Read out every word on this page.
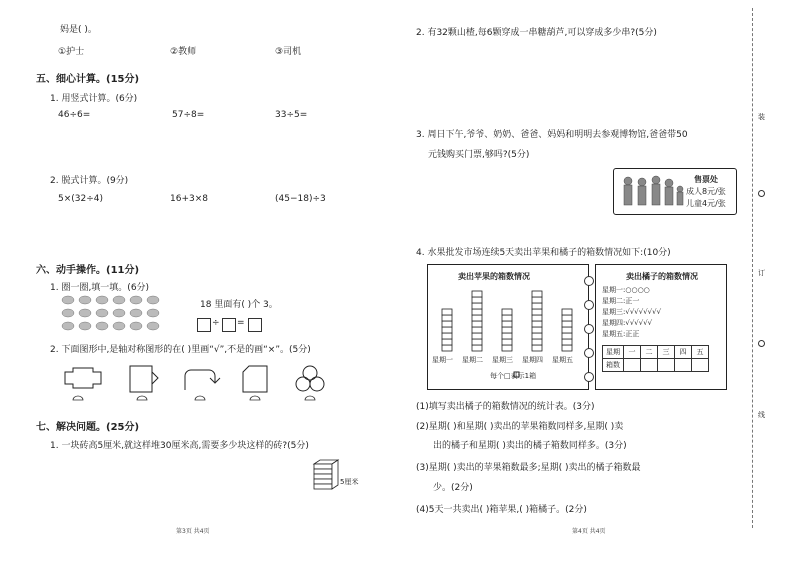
妈是( )。
①护士	②教师	③司机
五、细心计算。(15分)
1. 用竖式计算。(6分)
46÷6=	57÷8=	33÷5=
2. 脱式计算。(9分)
5×(32÷4)	16+3×8	(45−18)÷3
六、动手操作。(11分)
1. 圈一圈,填一填。(6分)
18 里面有( )个 3。
÷ =
2. 下面图形中,是轴对称图形的在( )里画“√”,不是的画“×”。(5分)
七、解决问题。(25分)
1. 一块砖高5厘米,就这样堆30厘米高,需要多少块这样的砖?(5分)
5厘米
第3页 共4页
2. 有32颗山楂,每6颗穿成一串糖葫芦,可以穿成多少串?(5分)
3. 周日下午,爷爷、奶奶、爸爸、妈妈和明明去参观博物馆,爸爸带50
元钱购买门票,够吗?(5分)
售票处
成人8元/张
儿童4元/张
4. 水果批发市场连续5天卖出苹果和橘子的箱数情况如下:(10分)
卖出苹果的箱数情况
星期一 星期二 星期三 星期四 星期五
每个□表示1箱
卖出橘子的箱数情况
星期一:○○○○
星期二:正一
星期三:√√√√√√√√
星期四:√√√√√√
星期五:正正
星期	一	二	三	四	五
箱数					
(1)填写卖出橘子的箱数情况的统计表。(3分)
(2)星期( )和星期( )卖出的苹果箱数同样多,星期( )卖
出的橘子和星期( )卖出的橘子箱数同样多。(3分)
(3)星期( )卖出的苹果箱数最多;星期( )卖出的橘子箱数最
少。(2分)
(4)5天一共卖出( )箱苹果,( )箱橘子。(2分)
第4页 共4页
装
订
线
